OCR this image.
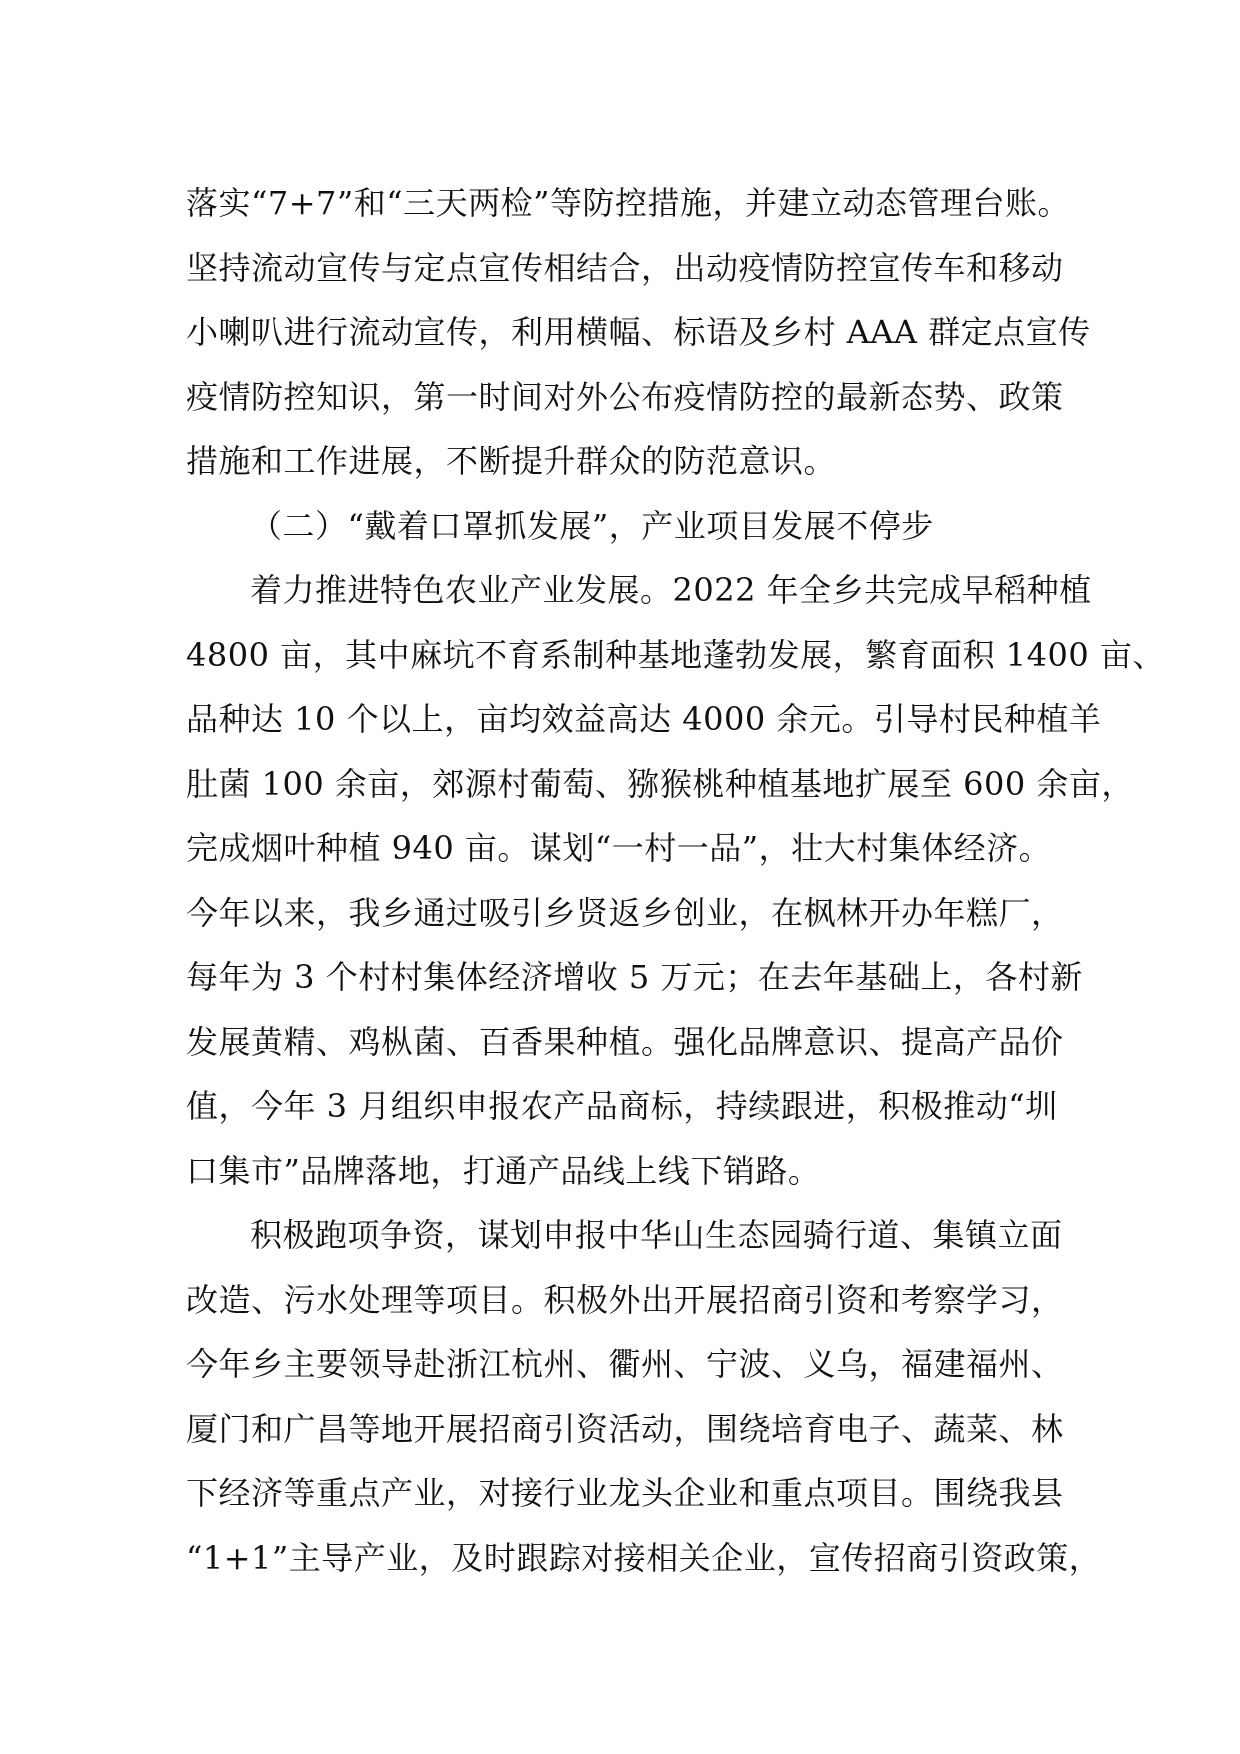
落实“7+7”和“三天两检”等防控措施，并建立动态管理台账。
坚持流动宣传与定点宣传相结合，出动疫情防控宣传车和移动
小喇叭进行流动宣传，利用横幅、标语及乡村 AAA 群定点宣传
疫情防控知识，第一时间对外公布疫情防控的最新态势、政策
措施和工作进展，不断提升群众的防范意识。
（二）“戴着口罩抓发展”，产业项目发展不停步
着力推进特色农业产业发展。2022 年全乡共完成早稻种植
4800 亩，其中麻坑不育系制种基地蓬勃发展，繁育面积 1400 亩、
品种达 10 个以上，亩均效益高达 4000 余元。引导村民种植羊
肚菌 100 余亩，郊源村葡萄、猕猴桃种植基地扩展至 600 余亩，
完成烟叶种植 940 亩。谋划“一村一品”，壮大村集体经济。
今年以来，我乡通过吸引乡贤返乡创业，在枫林开办年糕厂，
每年为 3 个村村集体经济增收 5 万元；在去年基础上，各村新
发展黄精、鸡枞菌、百香果种植。强化品牌意识、提高产品价
值，今年 3 月组织申报农产品商标，持续跟进，积极推动“圳
口集市”品牌落地，打通产品线上线下销路。
积极跑项争资，谋划申报中华山生态园骑行道、集镇立面
改造、污水处理等项目。积极外出开展招商引资和考察学习，
今年乡主要领导赴浙江杭州、衢州、宁波、义乌，福建福州、
厦门和广昌等地开展招商引资活动，围绕培育电子、蔬菜、林
下经济等重点产业，对接行业龙头企业和重点项目。围绕我县
“1+1”主导产业，及时跟踪对接相关企业，宣传招商引资政策，
